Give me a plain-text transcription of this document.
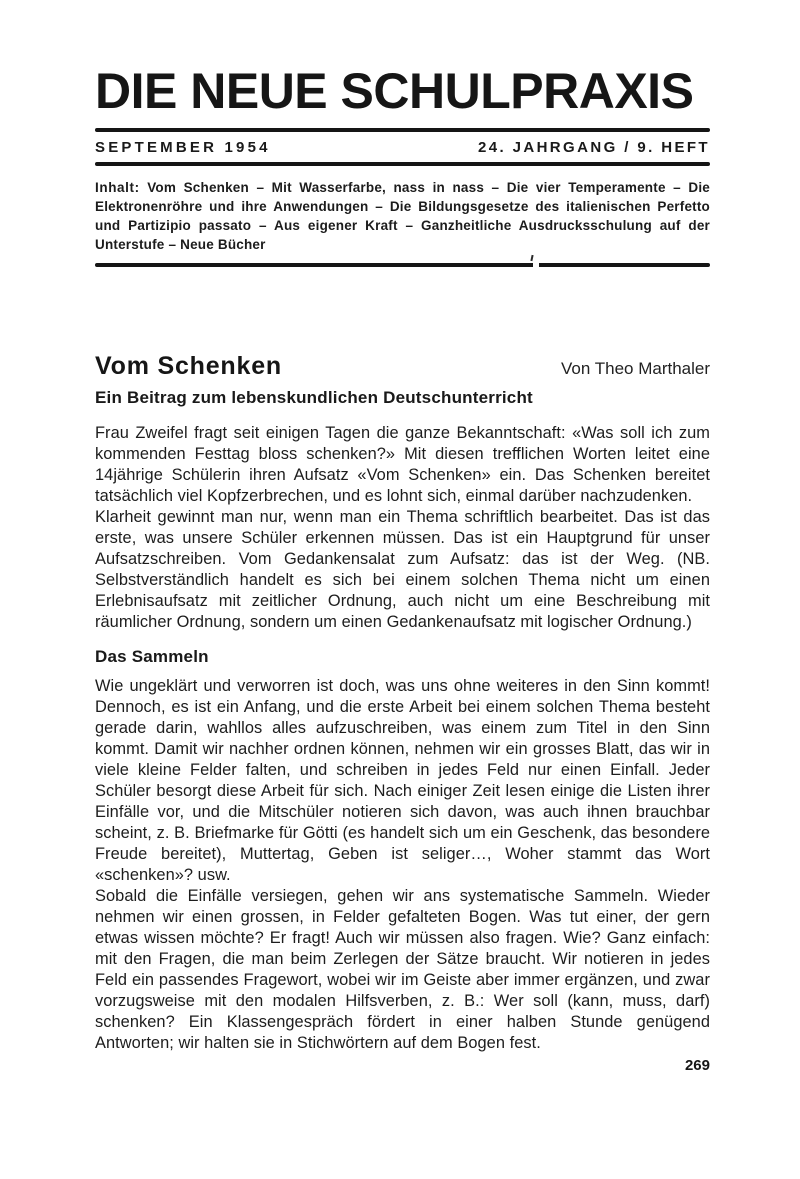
DIE NEUE SCHULPRAXIS
SEPTEMBER 1954	24. JAHRGANG / 9. HEFT

Inhalt: Vom Schenken – Mit Wasserfarbe, nass in nass – Die vier Temperamente – Die Elektronenröhre und ihre Anwendungen – Die Bildungsgesetze des italienischen Perfetto und Partizipio passato – Aus eigener Kraft – Ganzheitliche Ausdrucksschulung auf der Unterstufe – Neue Bücher

Vom Schenken	Von Theo Marthaler
Ein Beitrag zum lebenskundlichen Deutschunterricht

Frau Zweifel fragt seit einigen Tagen die ganze Bekanntschaft: «Was soll ich zum kommenden Festtag bloss schenken?» Mit diesen trefflichen Worten leitet eine 14jährige Schülerin ihren Aufsatz «Vom Schenken» ein. Das Schenken bereitet tatsächlich viel Kopfzerbrechen, und es lohnt sich, einmal darüber nachzudenken.

Klarheit gewinnt man nur, wenn man ein Thema schriftlich bearbeitet. Das ist das erste, was unsere Schüler erkennen müssen. Das ist ein Hauptgrund für unser Aufsatzschreiben. Vom Gedankensalat zum Aufsatz: das ist der Weg. (NB. Selbstverständlich handelt es sich bei einem solchen Thema nicht um einen Erlebnisaufsatz mit zeitlicher Ordnung, auch nicht um eine Beschreibung mit räumlicher Ordnung, sondern um einen Gedankenaufsatz mit logischer Ordnung.)

Das Sammeln

Wie ungeklärt und verworren ist doch, was uns ohne weiteres in den Sinn kommt! Dennoch, es ist ein Anfang, und die erste Arbeit bei einem solchen Thema besteht gerade darin, wahllos alles aufzuschreiben, was einem zum Titel in den Sinn kommt. Damit wir nachher ordnen können, nehmen wir ein grosses Blatt, das wir in viele kleine Felder falten, und schreiben in jedes Feld nur einen Einfall. Jeder Schüler besorgt diese Arbeit für sich. Nach einiger Zeit lesen einige die Listen ihrer Einfälle vor, und die Mitschüler notieren sich davon, was auch ihnen brauchbar scheint, z. B. Briefmarke für Götti (es handelt sich um ein Geschenk, das besondere Freude bereitet), Muttertag, Geben ist seliger…, Woher stammt das Wort «schenken»? usw.

Sobald die Einfälle versiegen, gehen wir ans systematische Sammeln. Wieder nehmen wir einen grossen, in Felder gefalteten Bogen. Was tut einer, der gern etwas wissen möchte? Er fragt! Auch wir müssen also fragen. Wie? Ganz einfach: mit den Fragen, die man beim Zerlegen der Sätze braucht. Wir notieren in jedes Feld ein passendes Fragewort, wobei wir im Geiste aber immer ergänzen, und zwar vorzugsweise mit den modalen Hilfsverben, z. B.: Wer soll (kann, muss, darf) schenken? Ein Klassengespräch fördert in einer halben Stunde genügend Antworten; wir halten sie in Stichwörtern auf dem Bogen fest.

269
